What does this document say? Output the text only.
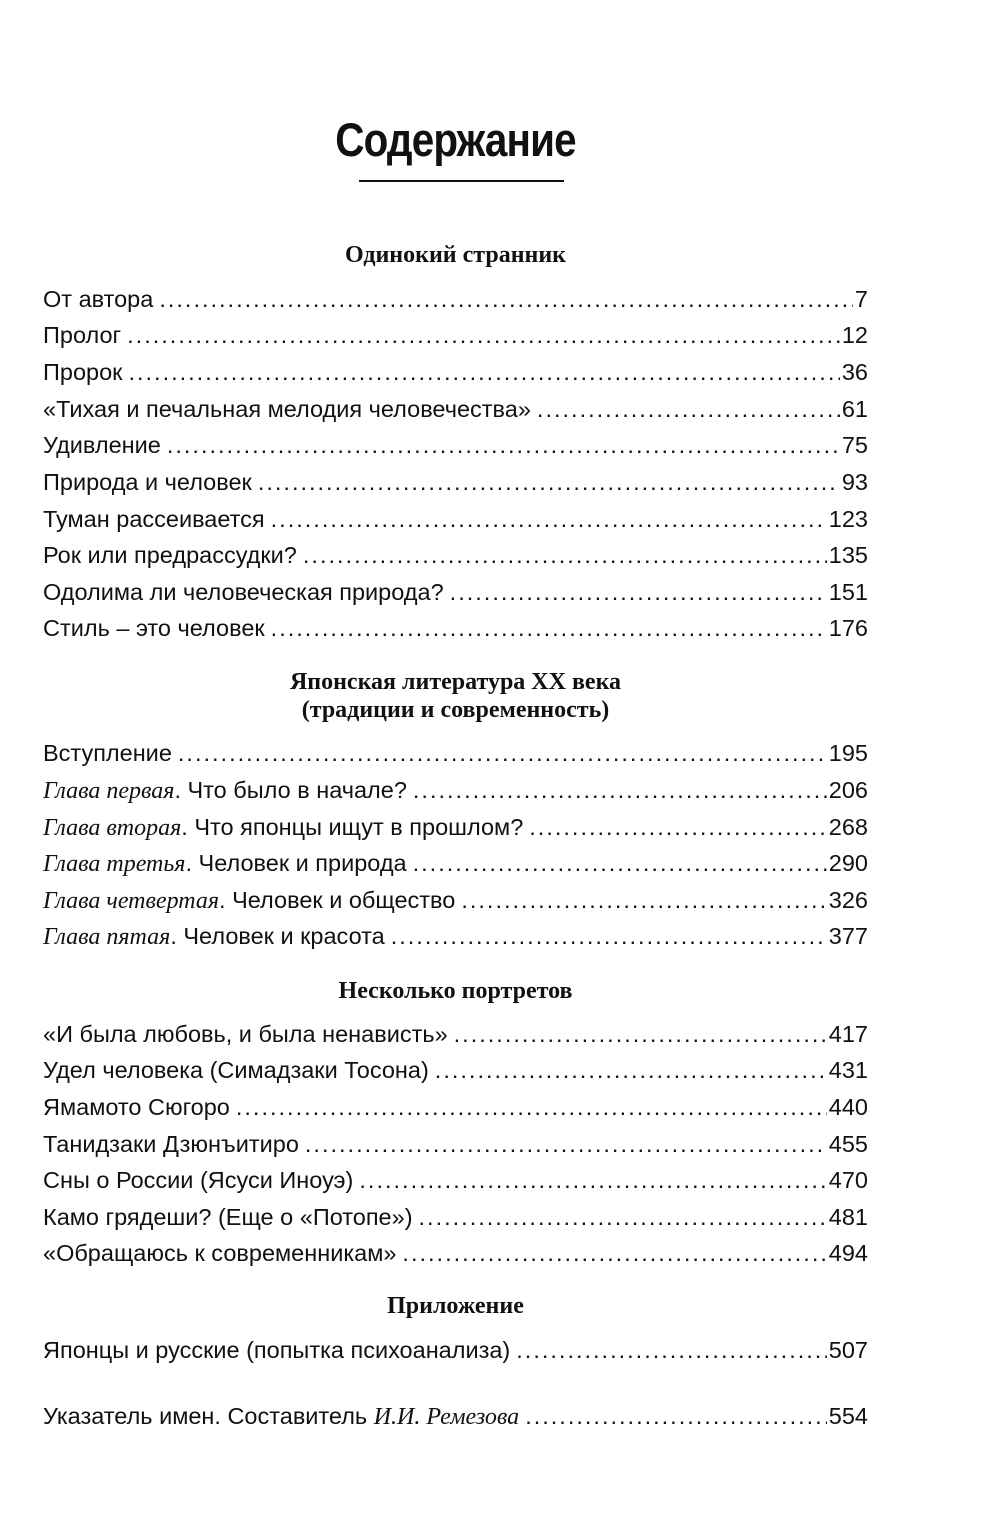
Содержание
Одинокий странник
От автора .....	7
Пролог .....	12
Пророк .....	36
«Тихая и печальная мелодия человечества» .....	61
Удивление .....	75
Природа и человек .....	93
Туман рассеивается .....	123
Рок или предрассудки? .....	135
Одолима ли человеческая природа? .....	151
Стиль – это человек .....	176
Японская литература XX века
(традиции и современность)
Вступление .....	195
Глава первая. Что было в начале? .....	206
Глава вторая. Что японцы ищут в прошлом? .....	268
Глава третья. Человек и природа .....	290
Глава четвертая. Человек и общество .....	326
Глава пятая. Человек и красота .....	377
Несколько портретов
«И была любовь, и была ненависть» .....	417
Удел человека (Симадзаки Тосона) .....	431
Ямамото Сюгоро .....	440
Танидзаки Дзюнъитиро .....	455
Сны о России (Ясуси Иноуэ) .....	470
Камо грядеши? (Еще о «Потопе») .....	481
«Обращаюсь к современникам» .....	494
Приложение
Японцы и русские (попытка психоанализа) .....	507
Указатель имен. Составитель И.И. Ремезова .....	554
